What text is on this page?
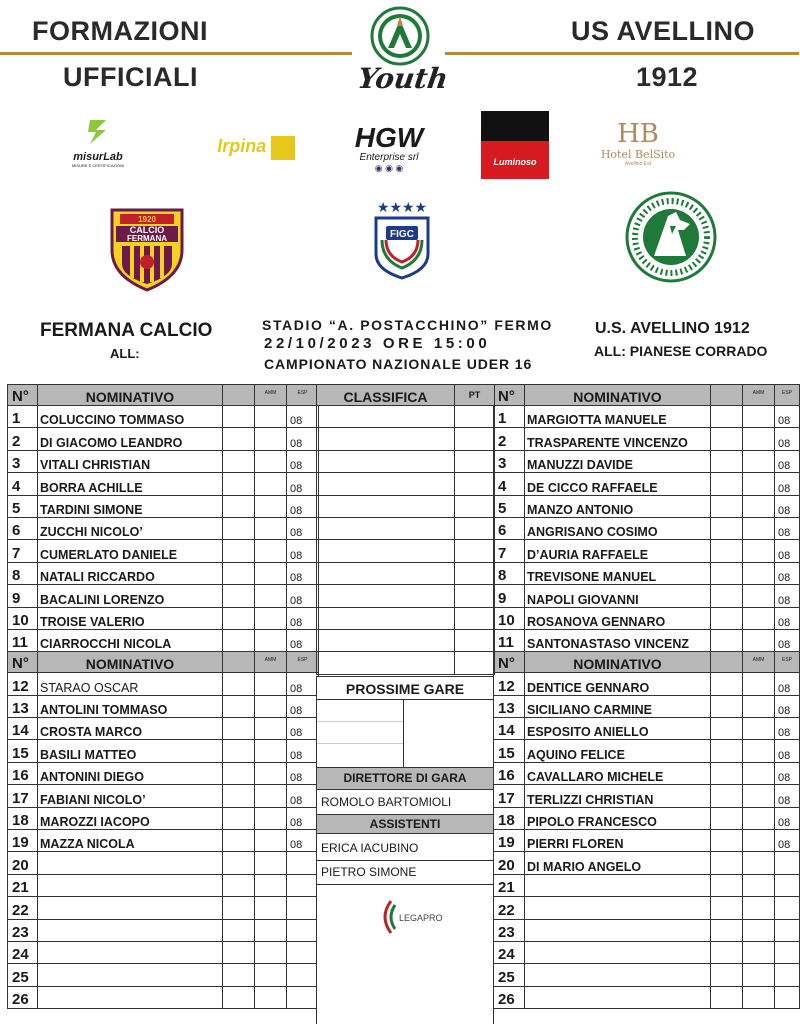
FORMAZIONI
UFFICIALI
US AVELLINO
1912
Youth
misurLab
MISURE E CERTIFICAZIONI
Irpina	HGW
Enterprise srl
◉ ◉ ◉
Luminoso
HB
Hotel BelSito
Avellino Est
1920
CALCIO
FERMANA
★★★★
FIGC
FERMANA CALCIO
ALL:
STADIO “A. POSTACCHINO” FERMO
22/10/2023 ORE 15:00
CAMPIONATO NAZIONALE UDER 16
U.S. AVELLINO 1912
ALL: PIANESE CORRADO
N°	NOMINATIVO		AMM	ESP
1	COLUCCINO TOMMASO			08
2	DI GIACOMO LEANDRO			08
3	VITALI CHRISTIAN			08
4	BORRA ACHILLE			08
5	TARDINI SIMONE			08
6	ZUCCHI NICOLO’			08
7	CUMERLATO DANIELE			08
8	NATALI RICCARDO			08
9	BACALINI LORENZO			08
10	TROISE VALERIO			08
11	CIARROCCHI NICOLA			08
N°	NOMINATIVO		AMM	ESP
12	STARAO OSCAR			08
13	ANTOLINI TOMMASO			08
14	CROSTA MARCO			08
15	BASILI MATTEO			08
16	ANTONINI DIEGO			08
17	FABIANI NICOLO’			08
18	MAROZZI IACOPO			08
19	MAZZA NICOLA			08
20				
21				
22				
23				
24				
25				
26				
N°	NOMINATIVO		AMM	ESP
1	MARGIOTTA MANUELE			08
2	TRASPARENTE VINCENZO			08
3	MANUZZI DAVIDE			08
4	DE CICCO RAFFAELE			08
5	MANZO ANTONIO			08
6	ANGRISANO COSIMO			08
7	D’AURIA RAFFAELE			08
8	TREVISONE MANUEL			08
9	NAPOLI GIOVANNI			08
10	ROSANOVA GENNARO			08
11	SANTONASTASO VINCENZ			08
N°	NOMINATIVO		AMM	ESP
12	DENTICE GENNARO			08
13	SICILIANO CARMINE			08
14	ESPOSITO ANIELLO			08
15	AQUINO FELICE			08
16	CAVALLARO MICHELE			08
17	TERLIZZI CHRISTIAN			08
18	PIPOLO FRANCESCO			08
19	PIERRI FLOREN			08
20	DI MARIO ANGELO			
21				
22				
23				
24				
25				
26				
CLASSIFICA	PT

PROSSIME GARE
DIRETTORE DI GARA
ROMOLO BARTOMIOLI
ASSISTENTI
ERICA IACUBINO
PIETRO SIMONE
LEGAPRO
